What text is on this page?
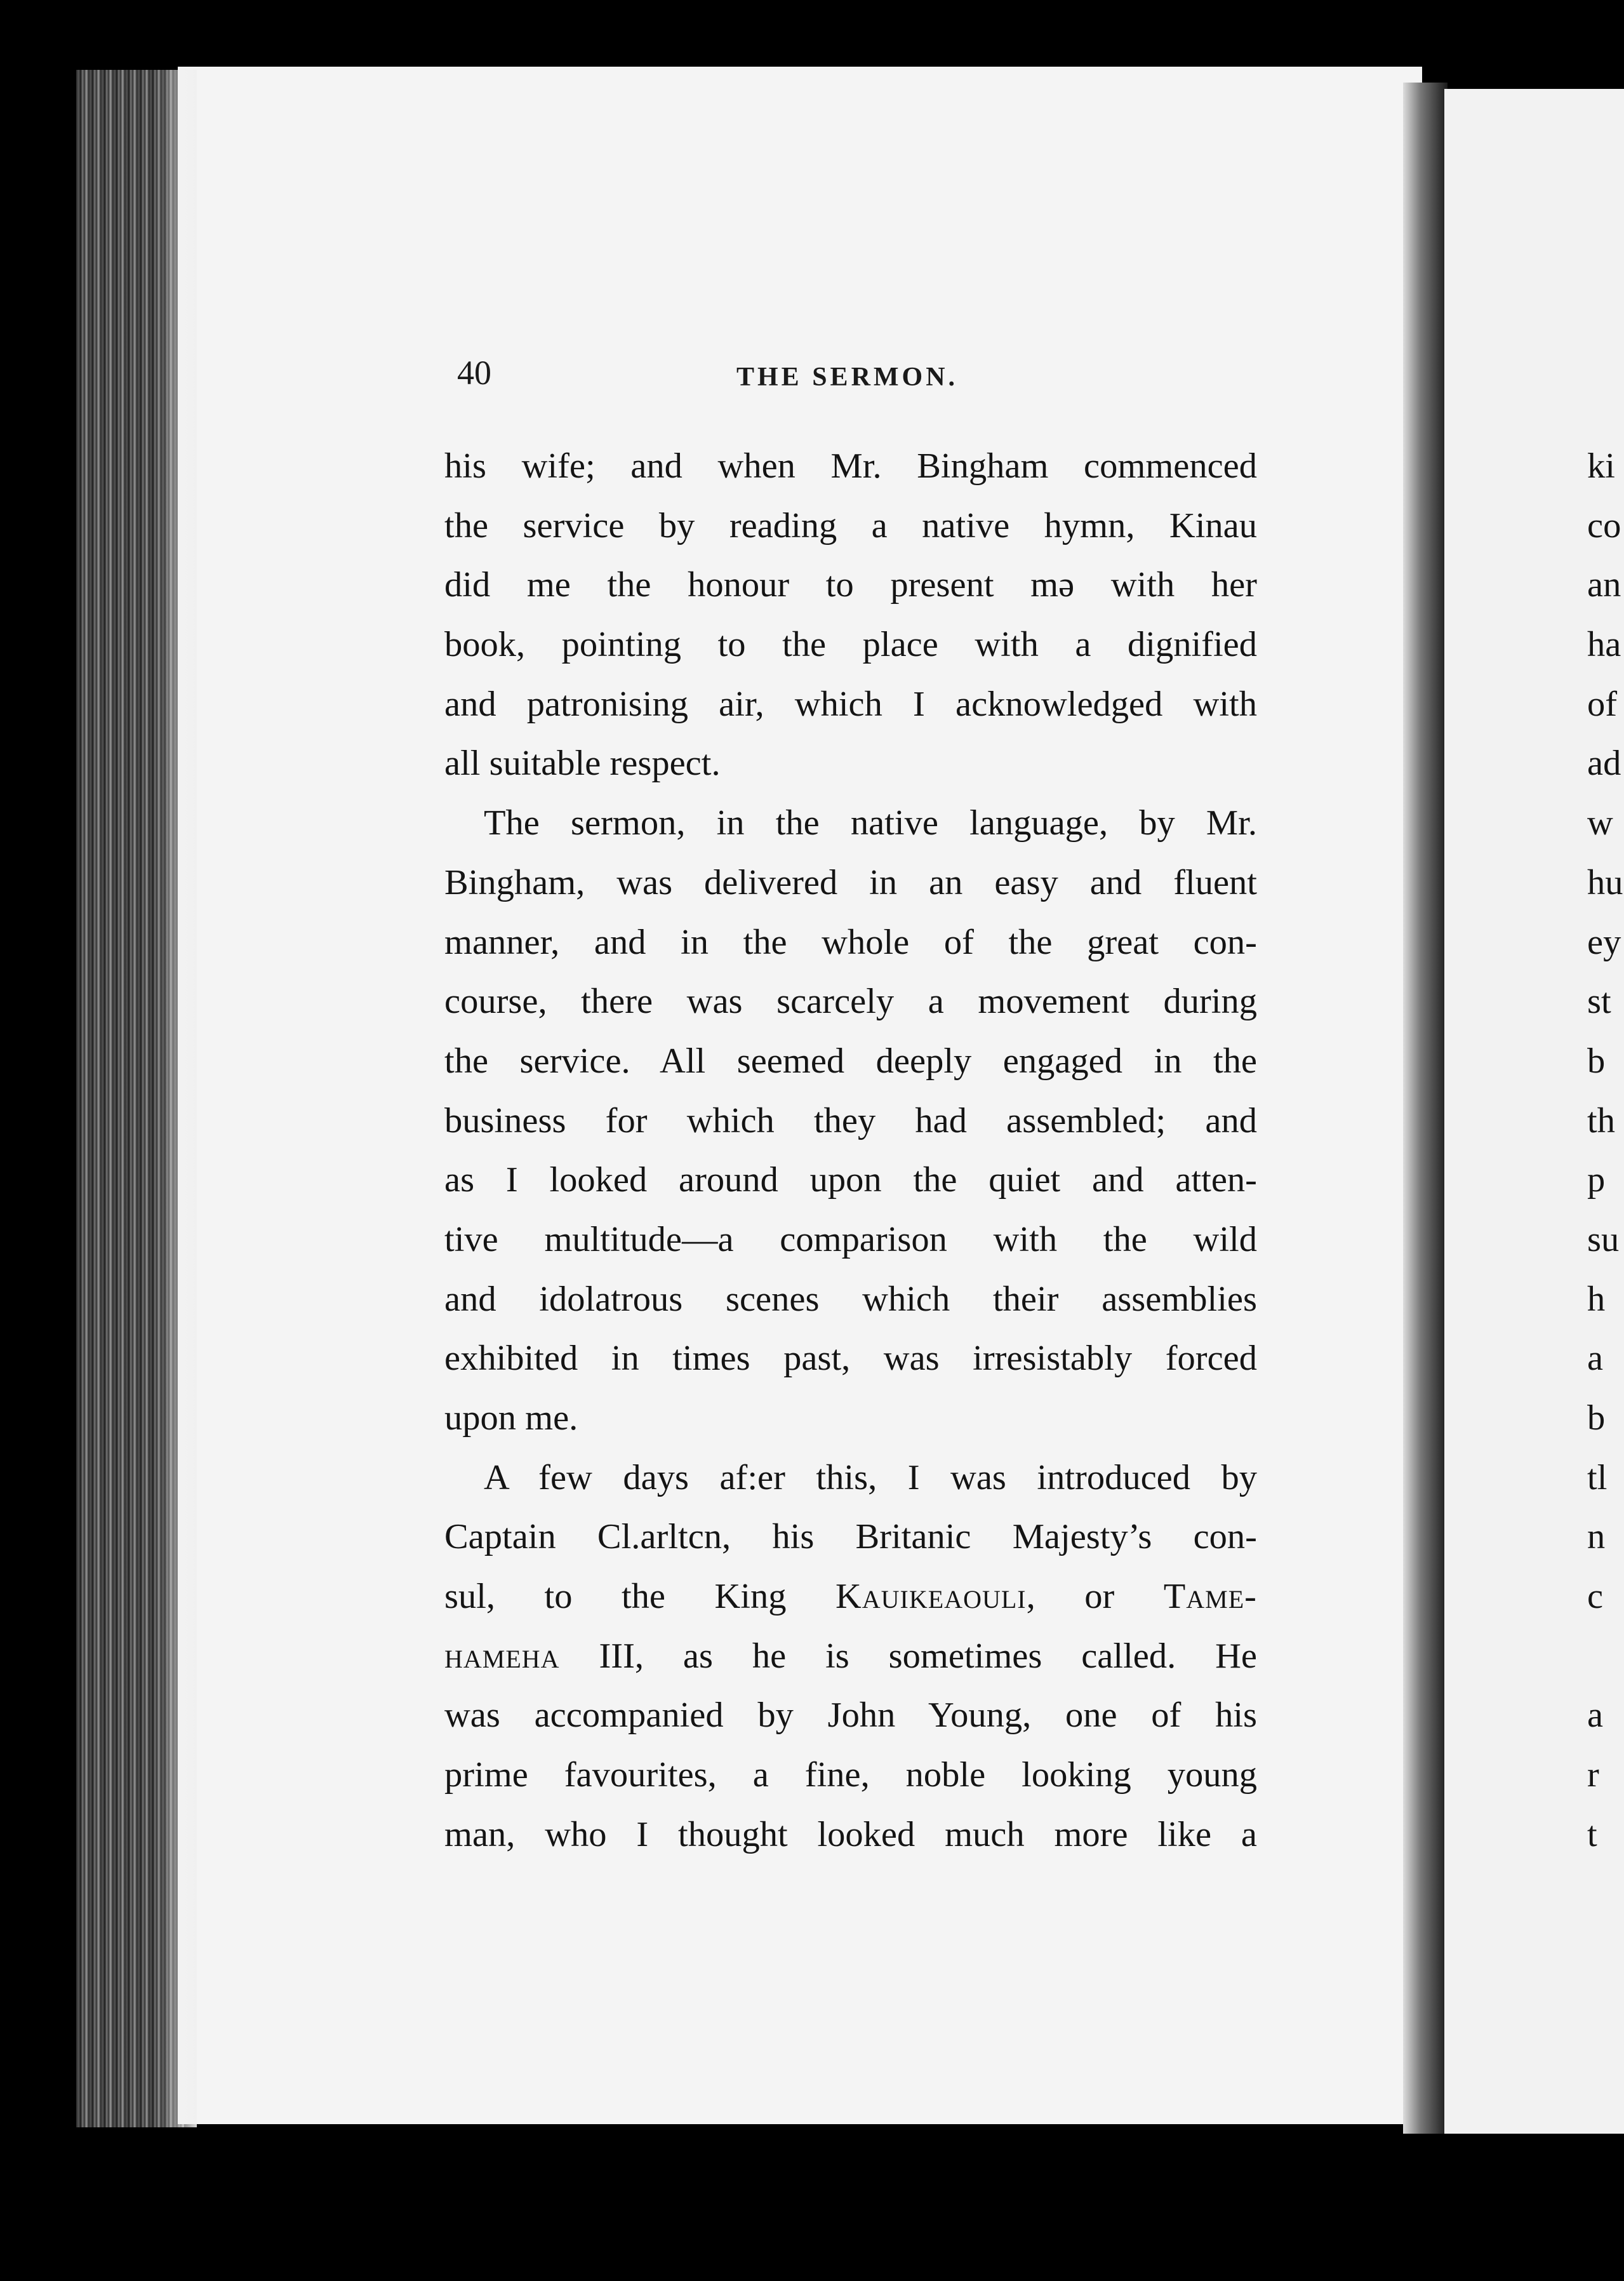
40	THE SERMON.
his wife; and when Mr. Bingham commenced
the service by reading a native hymn, Kinau
did me the honour to present mə with her
book, pointing to the place with a dignified
and patronising air, which I acknowledged with
all suitable respect.
The sermon, in the native language, by Mr.
Bingham, was delivered in an easy and fluent
manner, and in the whole of the great con-
course, there was scarcely a movement during
the service. All seemed deeply engaged in the
business for which they had assembled; and
as I looked around upon the quiet and atten-
tive multitude—a comparison with the wild
and idolatrous scenes which their assemblies
exhibited in times past, was irresistably forced
upon me.
A few days af:er this, I was introduced by
Captain Cl.arltcn, his Britanic Majesty’s con-
sul, to the King Kauikeaouli, or Tame-
hameha III, as he is sometimes called. He
was accompanied by John Young, one of his
prime favourites, a fine, noble looking young
man, who I thought looked much more like a
ki
co
an
ha
of
ad
w
hu
ey
st
b
th
p
su
h
a
b
tl
n
c
a
r
t
